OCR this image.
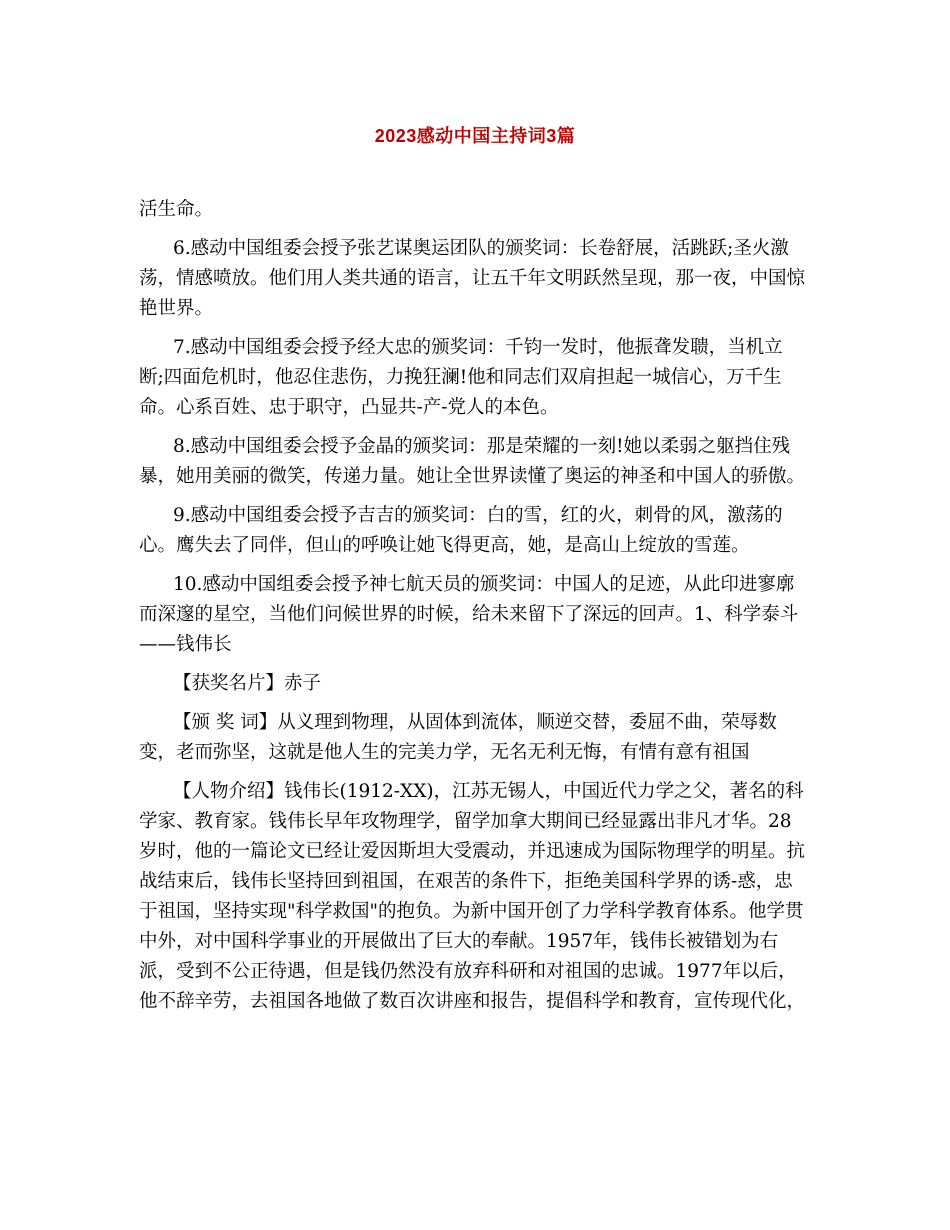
2023感动中国主持词3篇
活生命。
6.感动中国组委会授予张艺谋奥运团队的颁奖词：长卷舒展，活跳跃;圣火激
荡，情感喷放。他们用人类共通的语言，让五千年文明跃然呈现，那一夜，中国惊
艳世界。
7.感动中国组委会授予经大忠的颁奖词：千钧一发时，他振聋发聩，当机立
断;四面危机时，他忍住悲伤，力挽狂澜!他和同志们双肩担起一城信心，万千生
命。心系百姓、忠于职守，凸显共-产-党人的本色。
8.感动中国组委会授予金晶的颁奖词：那是荣耀的一刻!她以柔弱之躯挡住残
暴，她用美丽的微笑，传递力量。她让全世界读懂了奥运的神圣和中国人的骄傲。
9.感动中国组委会授予吉吉的颁奖词：白的雪，红的火，刺骨的风，激荡的
心。鹰失去了同伴，但山的呼唤让她飞得更高，她，是高山上绽放的雪莲。
10.感动中国组委会授予神七航天员的颁奖词：中国人的足迹，从此印进寥廓
而深邃的星空，当他们问候世界的时候，给未来留下了深远的回声。1、科学泰斗
——钱伟长
【获奖名片】赤子
【颁 奖 词】从义理到物理，从固体到流体，顺逆交替，委屈不曲，荣辱数
变，老而弥坚，这就是他人生的完美力学，无名无利无悔，有情有意有祖国
【人物介绍】钱伟长(1912-XX)，江苏无锡人，中国近代力学之父，著名的科
学家、教育家。钱伟长早年攻物理学，留学加拿大期间已经显露出非凡才华。28
岁时，他的一篇论文已经让爱因斯坦大受震动，并迅速成为国际物理学的明星。抗
战结束后，钱伟长坚持回到祖国，在艰苦的条件下，拒绝美国科学界的诱-惑，忠
于祖国，坚持实现"科学救国"的抱负。为新中国开创了力学科学教育体系。他学贯
中外，对中国科学事业的开展做出了巨大的奉献。1957年，钱伟长被错划为右
派，受到不公正待遇，但是钱仍然没有放弃科研和对祖国的忠诚。1977年以后，
他不辞辛劳，去祖国各地做了数百次讲座和报告，提倡科学和教育，宣传现代化，
